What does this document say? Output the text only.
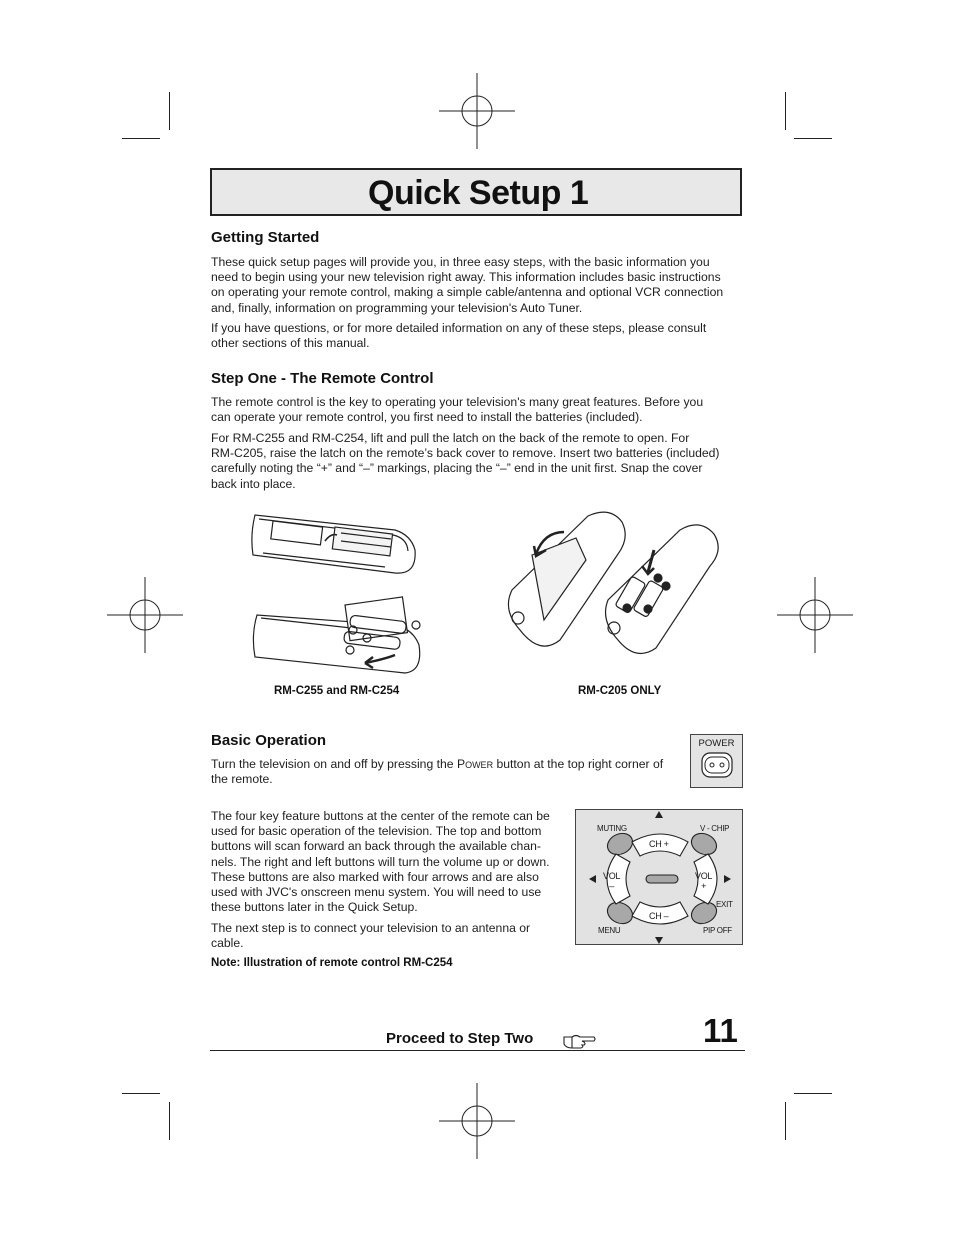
Quick Setup 1
Getting Started

These quick setup pages will provide you, in three easy steps, with the basic information you
need to begin using your new television right away. This information includes basic instructions
on operating your remote control, making a simple cable/antenna and optional VCR connection
and, finally, information on programming your television's Auto Tuner.

If you have questions, or for more detailed information on any of these steps, please consult
other sections of this manual.

Step One - The Remote Control

The remote control is the key to operating your television's many great features. Before you
can operate your remote control, you first need to install the batteries (included).

For RM-C255 and RM-C254, lift and pull the latch on the back of the remote to open. For
RM-C205, raise the latch on the remote’s back cover to remove. Insert two batteries (included)
carefully noting the “+” and “–” markings, placing the “–” end in the unit first. Snap the cover
back into place.

RM-C255 and RM-C254	RM-C205 ONLY
Basic Operation

Turn the television on and off by pressing the Power button at the top right corner of
the remote.

POWER

The four key feature buttons at the center of the remote can be
used for basic operation of the television. The top and bottom
buttons will scan forward an back through the available chan-
nels. The right and left buttons will turn the volume up or down.
These buttons are also marked with four arrows and are also
used with JVC's onscreen menu system. You will need to use
these buttons later in the Quick Setup.

The next step is to connect your television to an antenna or
cable.

Note: Illustration of remote control RM-C254
MUTING	V - CHIP
CH +
CH –
VOL
–
VOL
+
EXIT
MENU	PIP OFF
Proceed to Step Two	11
